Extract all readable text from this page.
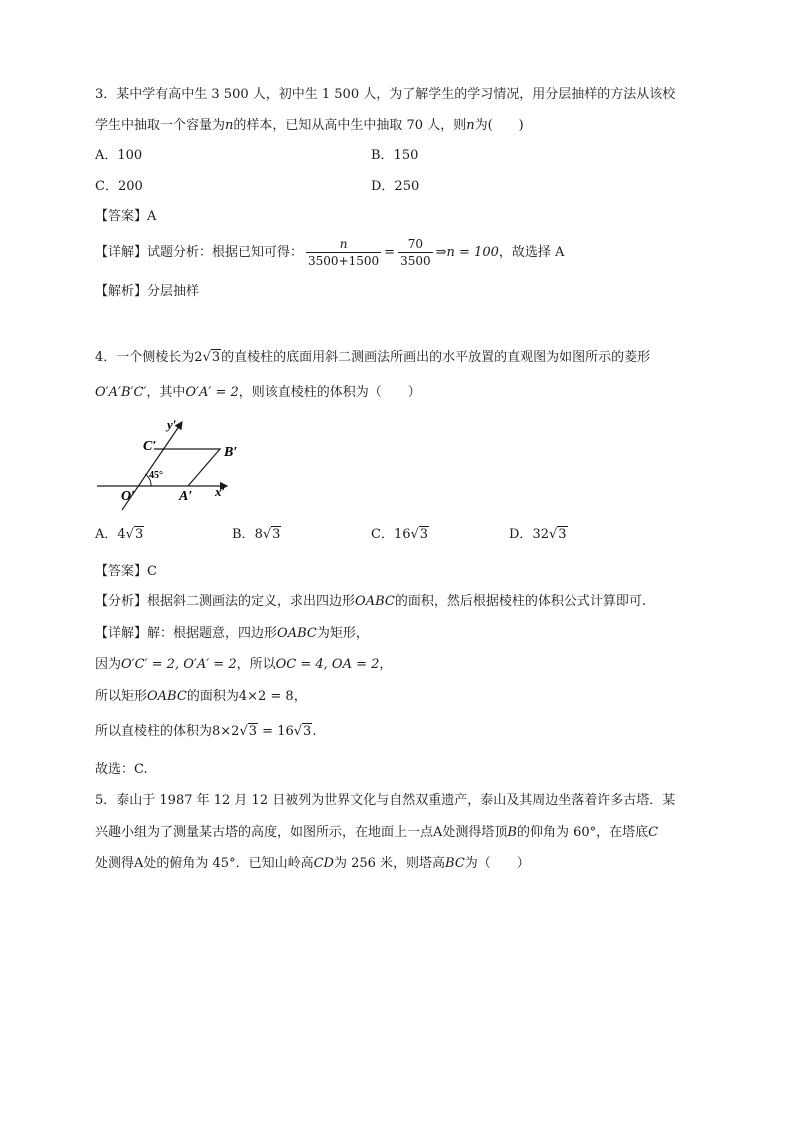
3．某中学有高中生 3 500 人，初中生 1 500 人，为了解学生的学习情况，用分层抽样的方法从该校
学生中抽取一个容量为n的样本，已知从高中生中抽取 70 人，则n为(　　)
A．100	B．150
C．200	D．250
【答案】A
【详解】试题分析：根据已知可得： $\frac{n}{3500+1500} = \frac{70}{3500}$ ⇒n = 100，故选择 A
【解析】分层抽样
4．一个侧棱长为2√3的直棱柱的底面用斜二测画法所画出的水平放置的直观图为如图所示的菱形
O′A′B′C′，其中O′A′ = 2，则该直棱柱的体积为（　　）
45°
y′
x′
C′	B′
O′	A′
A．4√3	B．8√3	C．16√3	D．32√3
【答案】C
【分析】根据斜二测画法的定义，求出四边形OABC的面积，然后根据棱柱的体积公式计算即可.
【详解】解：根据题意，四边形OABC为矩形，
因为O′C′ = 2, O′A′ = 2，所以OC = 4, OA = 2，
所以矩形OABC的面积为4×2 = 8，
所以直棱柱的体积为8×2√3 = 16√3.
故选：C.
5．泰山于 1987 年 12 月 12 日被列为世界文化与自然双重遗产，泰山及其周边坐落着许多古塔．某
兴趣小组为了测量某古塔的高度，如图所示，在地面上一点A处测得塔顶B的仰角为 60°，在塔底C
处测得A处的俯角为 45°．已知山岭高CD为 256 米，则塔高BC为（　　）
